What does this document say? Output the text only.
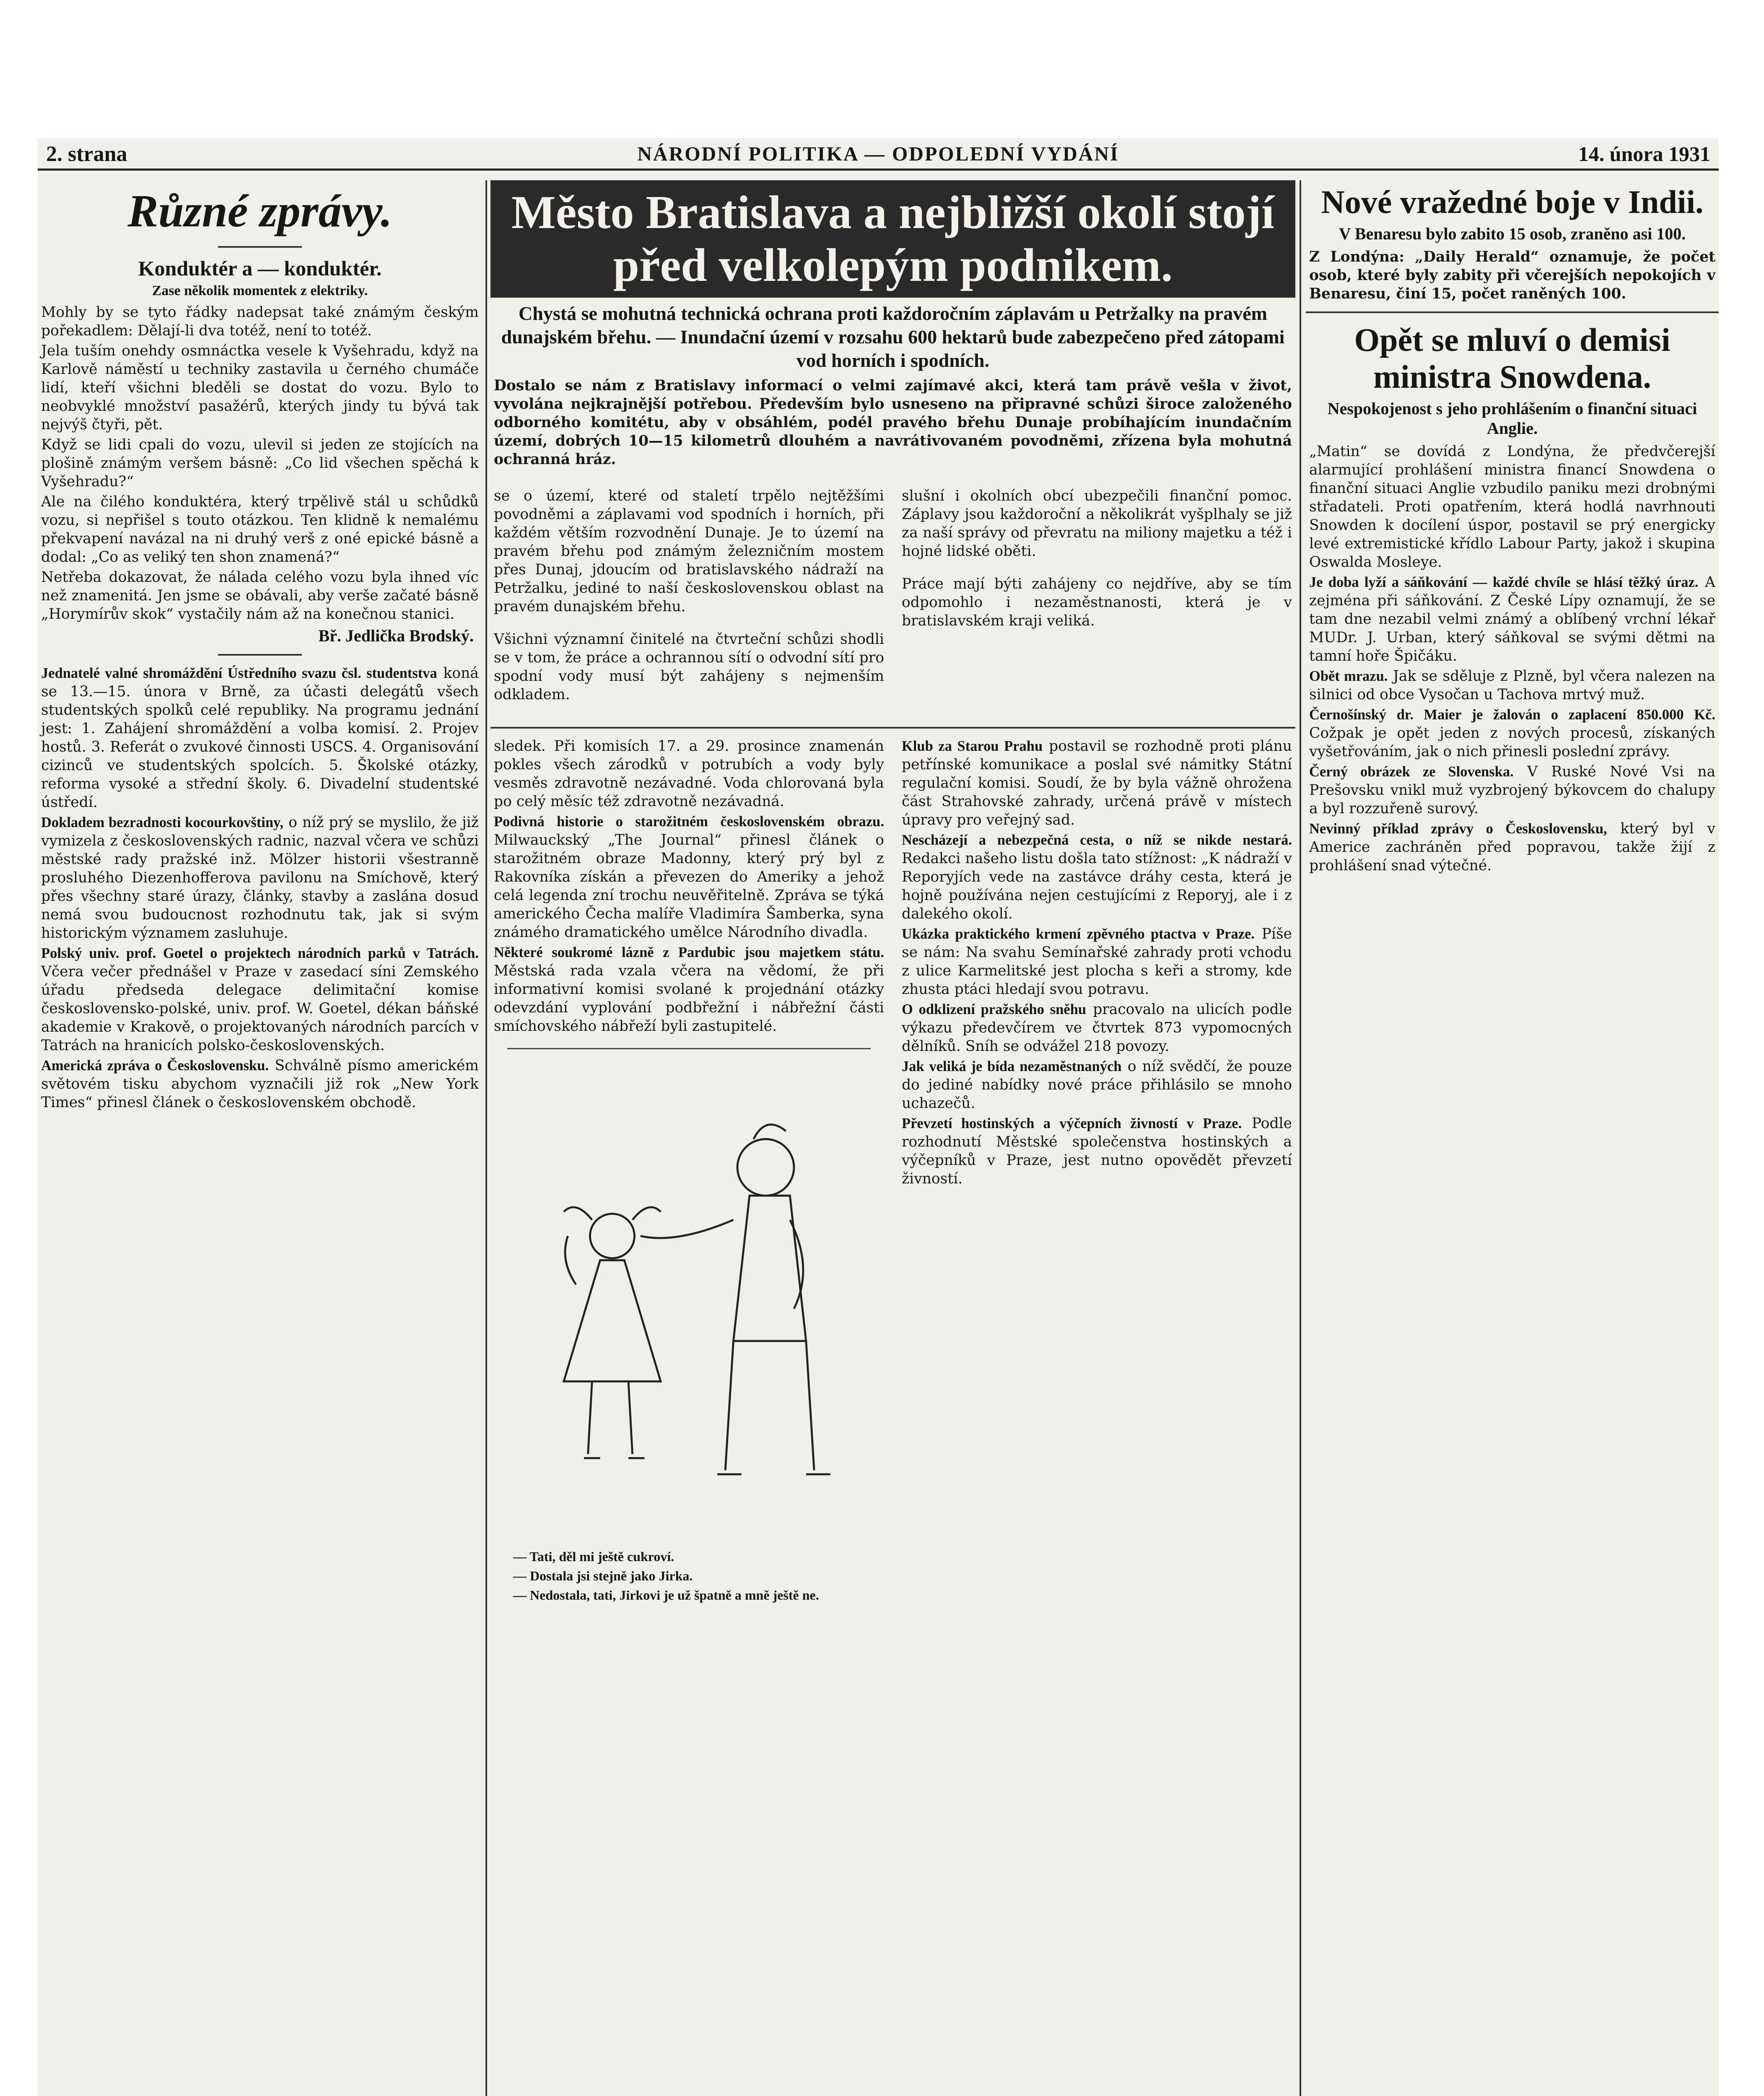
2. strana	NÁRODNÍ POLITIKA — ODPOLEDNÍ VYDÁNÍ	14. února 1931
Různé zprávy.
Konduktér a — konduktér.
Zase několik momentek z elektriky.

Mohly by se tyto řádky nadepsat také známým českým pořekadlem: Dělají-li dva totéž, není to totéž.

Jela tuším onehdy osmnáctka vesele k Vyšehradu, když na Karlově náměstí u techniky zastavila u černého chumáče lidí, kteří všichni bleděli se dostat do vozu. Bylo to neobvyklé množství pasažérů, kterých jindy tu bývá tak nejvýš čtyři, pět.

Když se lidi cpali do vozu, ulevil si jeden ze stojících na plošině známým veršem básně: „Co lid všechen spěchá k Vyšehradu?“

Ale na čilého konduktéra, který trpělivě stál u schůdků vozu, si nepřišel s touto otázkou. Ten klidně k nemalému překvapení navázal na ni druhý verš z oné epické básně a dodal: „Co as veliký ten shon znamená?“

Netřeba dokazovat, že nálada celého vozu byla ihned víc než znamenitá. Jen jsme se obávali, aby verše začaté básně „Horymírův skok“ vystačily nám až na konečnou stanici.

Bř. Jedlička Brodský.

Jednatelé valné shromáždění Ústředního svazu čsl. studentstva koná se 13.—15. února v Brně, za účasti delegátů všech studentských spolků celé republiky. Na programu jednání jest: 1. Zahájení shromáždění a volba komisí. 2. Projev hostů. 3. Referát o zvukové činnosti USCS. 4. Organisování cizinců ve studentských spolcích. 5. Školské otázky, reforma vysoké a střední školy. 6. Divadelní studentské ústředí.

Dokladem bezradnosti kocourkovštiny, o níž prý se myslilo, že již vymizela z československých radnic, nazval včera ve schůzi městské rady pražské inž. Mölzer historii všestranně prosluhého Diezenhofferova pavilonu na Smíchově, který přes všechny staré úrazy, články, stavby a zaslána dosud nemá svou budoucnost rozhodnutu tak, jak si svým historickým významem zasluhuje.

Polský univ. prof. Goetel o projektech národních parků v Tatrách. Včera večer přednášel v Praze v zasedací síni Zemského úřadu předseda delegace delimitační komise československo-polské, univ. prof. W. Goetel, dékan báňské akademie v Krakově, o projektovaných národních parcích v Tatrách na hranicích polsko-československých.

Americká zpráva o Československu. Schválně písmo americkém světovém tisku abychom vyznačili již rok „New York Times“ přinesl článek o československém obchodě.

Město Bratislava a nejbližší okolí stojí před velkolepým podnikem.
Chystá se mohutná technická ochrana proti každoročním záplavám u Petržalky na pravém dunajském břehu. — Inundační území v rozsahu 600 hektarů bude zabezpečeno před zátopami vod horních i spodních.

Dostalo se nám z Bratislavy informací o velmi zajímavé akci, která tam právě vešla v život, vyvolána nejkrajnější potřebou. Především bylo usneseno na připravné schůzi široce založeného odborného komitétu, aby v obsáhlém, podél pravého břehu Dunaje probíhajícím inundačním území, dobrých 10—15 kilometrů dlouhém a navrátivovaném povodněmi, zřízena byla mohutná ochranná hráz.

se o území, které od staletí trpělo nejtěžšími povodněmi a záplavami vod spodních i horních, při každém větším rozvodnění Dunaje. Je to území na pravém břehu pod známým železničním mostem přes Dunaj, jdoucím od bratislavského nádraží na Petržalku, jediné to naší československou oblast na pravém dunajském břehu.

Všichni významní činitelé na čtvrteční schůzi shodli se v tom, že práce a ochrannou sítí o odvodní sítí pro spodní vody musí být zahájeny s nejmenším odkladem.

slušní i okolních obcí ubezpečili finanční pomoc. Záplavy jsou každoroční a několikrát vyšplhaly se již za naší správy od převratu na miliony majetku a též i hojné lidské oběti.

Práce mají býti zahájeny co nejdříve, aby se tím odpomohlo i nezaměstnanosti, která je v bratislavském kraji veliká.

sledek. Při komisích 17. a 29. prosince znamenán pokles všech zárodků v potrubích a vody byly vesměs zdravotně nezávadné. Voda chlorovaná byla po celý měsíc též zdravotně nezávadná.

Podivná historie o starožitném československém obrazu. Milwauckský „The Journal“ přinesl článek o starožitném obraze Madonny, který prý byl z Rakovníka získán a převezen do Ameriky a jehož celá legenda zní trochu neuvěřitelně. Zpráva se týká amerického Čecha malíře Vladimíra Šamberka, syna známého dramatického umělce Národního divadla.

Některé soukromé lázně z Pardubic jsou majetkem státu. Městská rada vzala včera na vědomí, že při informativní komisi svolané k projednání otázky odevzdání vyplování podbřežní i nábřežní části smíchovského nábřeží byli zastupitelé.

— Tati, děl mi ještě cukroví.
— Dostala jsi stejně jako Jirka.
— Nedostala, tati, Jirkovi je už špatně a mně ještě ne.

Klub za Starou Prahu postavil se rozhodně proti plánu petřínské komunikace a poslal své námitky Státní regulační komisi. Soudí, že by byla vážně ohrožena část Strahovské zahrady, určená právě v místech úpravy pro veřejný sad.

Nescházejí a nebezpečná cesta, o níž se nikde nestará. Redakci našeho listu došla tato stížnost: „K nádraží v Reporyjích vede na zastávce dráhy cesta, která je hojně používána nejen cestujícími z Reporyj, ale i z dalekého okolí.

Ukázka praktického krmení zpěvného ptactva v Praze. Píše se nám: Na svahu Semínařské zahrady proti vchodu z ulice Karmelitské jest plocha s keři a stromy, kde zhusta ptáci hledají svou potravu.

O odklizení pražského sněhu pracovalo na ulicích podle výkazu předevčírem ve čtvrtek 873 vypomocných dělníků. Sníh se odvážel 218 povozy.

Jak veliká je bída nezaměstnaných o níž svědčí, že pouze do jediné nabídky nové práce přihlásilo se mnoho uchazečů.

Převzetí hostinských a výčepních živností v Praze. Podle rozhodnutí Městské společenstva hostinských a výčepníků v Praze, jest nutno opovědět převzetí živností.

Nové vražedné boje v Indii.
V Benaresu bylo zabito 15 osob, zraněno asi 100.

Z Londýna: „Daily Herald“ oznamuje, že počet osob, které byly zabity při včerejších nepokojích v Benaresu, činí 15, počet raněných 100.

Opět se mluví o demisi ministra Snowdena.
Nespokojenost s jeho prohlášením o finanční situaci Anglie.

„Matin“ se dovídá z Londýna, že předvčerejší alarmující prohlášení ministra financí Snowdena o finanční situaci Anglie vzbudilo paniku mezi drobnými střadateli. Proti opatřením, která hodlá navrhnouti Snowden k docílení úspor, postavil se prý energicky levé extremistické křídlo Labour Party, jakož i skupina Oswalda Mosleye.

Je doba lyží a sáňkování — každé chvíle se hlásí těžký úraz. A zejména při sáňkování. Z České Lípy oznamují, že se tam dne nezabil velmi známý a oblíbený vrchní lékař MUDr. J. Urban, který sáňkoval se svými dětmi na tamní hoře Špičáku.

Obět mrazu. Jak se sděluje z Plzně, byl včera nalezen na silnici od obce Vysočan u Tachova mrtvý muž.

Černošínský dr. Maier je žalován o zaplacení 850.000 Kč. Cožpak je opět jeden z nových procesů, získaných vyšetřováním, jak o nich přinesli poslední zprávy.

Černý obrázek ze Slovenska. V Ruské Nové Vsi na Prešovsku vnikl muž vyzbrojený býkovcem do chalupy a byl rozzuřeně surový.

Nevinný příklad zprávy o Československu, který byl v Americe zachráněn před popravou, takže žijí z prohlášení snad výtečné.
